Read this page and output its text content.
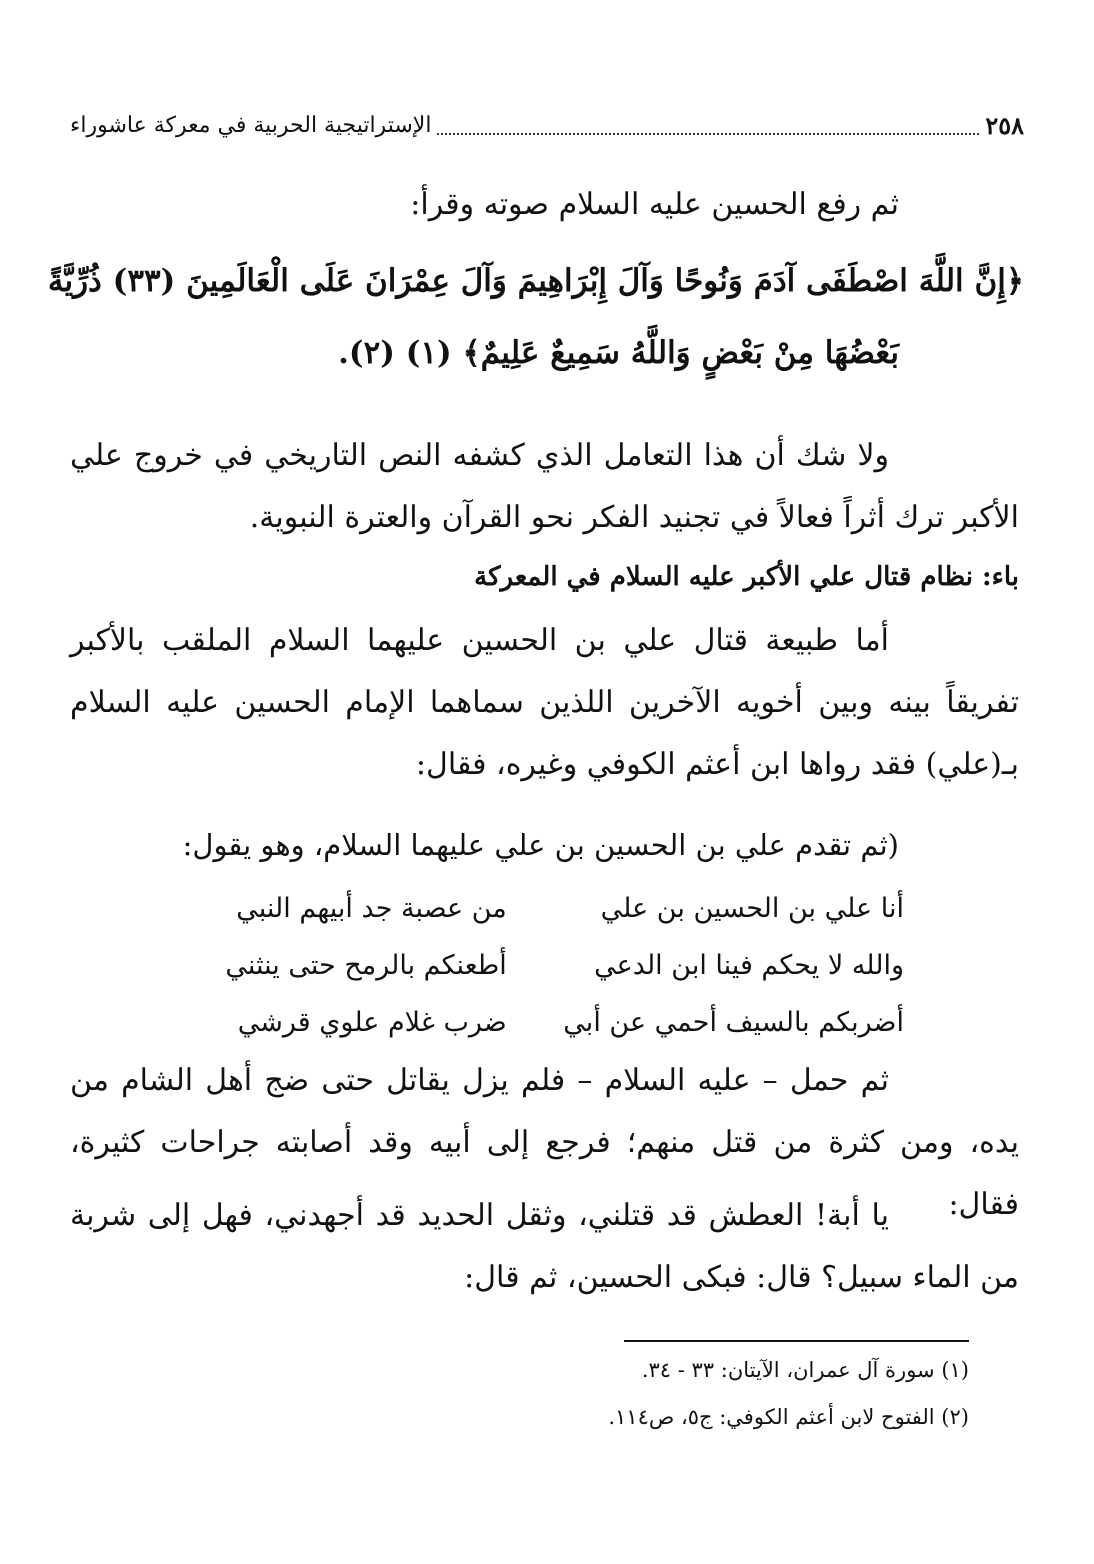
٢٥٨
الإستراتيجية الحربية في معركة عاشوراء
ثم رفع الحسين عليه السلام صوته وقرأ:
﴿إِنَّ اللَّهَ اصْطَفَى آدَمَ وَنُوحًا وَآلَ إِبْرَاهِيمَ وَآلَ عِمْرَانَ عَلَى الْعَالَمِينَ (٣٣) ذُرِّيَّةً
بَعْضُهَا مِنْ بَعْضٍ وَاللَّهُ سَمِيعٌ عَلِيمٌ﴾ (١) (٢).
ولا شك أن هذا التعامل الذي كشفه النص التاريخي في خروج علي الأكبر ترك أثراً فعالاً في تجنيد الفكر نحو القرآن والعترة النبوية.
باء: نظام قتال علي الأكبر عليه السلام في المعركة
أما طبيعة قتال علي بن الحسين عليهما السلام الملقب بالأكبر تفريقاً بينه وبين أخويه الآخرين اللذين سماهما الإمام الحسين عليه السلام بـ(علي) فقد رواها ابن أعثم الكوفي وغيره، فقال:
(ثم تقدم علي بن الحسين بن علي عليهما السلام، وهو يقول:
أنا علي بن الحسين بن علي
من عصبة جد أبيهم النبي
والله لا يحكم فينا ابن الدعي
أطعنكم بالرمح حتى ينثني
أضربكم بالسيف أحمي عن أبي
ضرب غلام علوي قرشي
ثم حمل – عليه السلام – فلم يزل يقاتل حتى ضج أهل الشام من يده، ومن كثرة من قتل منهم؛ فرجع إلى أبيه وقد أصابته جراحات كثيرة، فقال:
يا أبة! العطش قد قتلني، وثقل الحديد قد أجهدني، فهل إلى شربة من الماء سبيل؟ قال: فبكى الحسين، ثم قال:
(١) سورة آل عمران، الآيتان: ٣٣ - ٣٤.
(٢) الفتوح لابن أعثم الكوفي: ج٥، ص١١٤.
